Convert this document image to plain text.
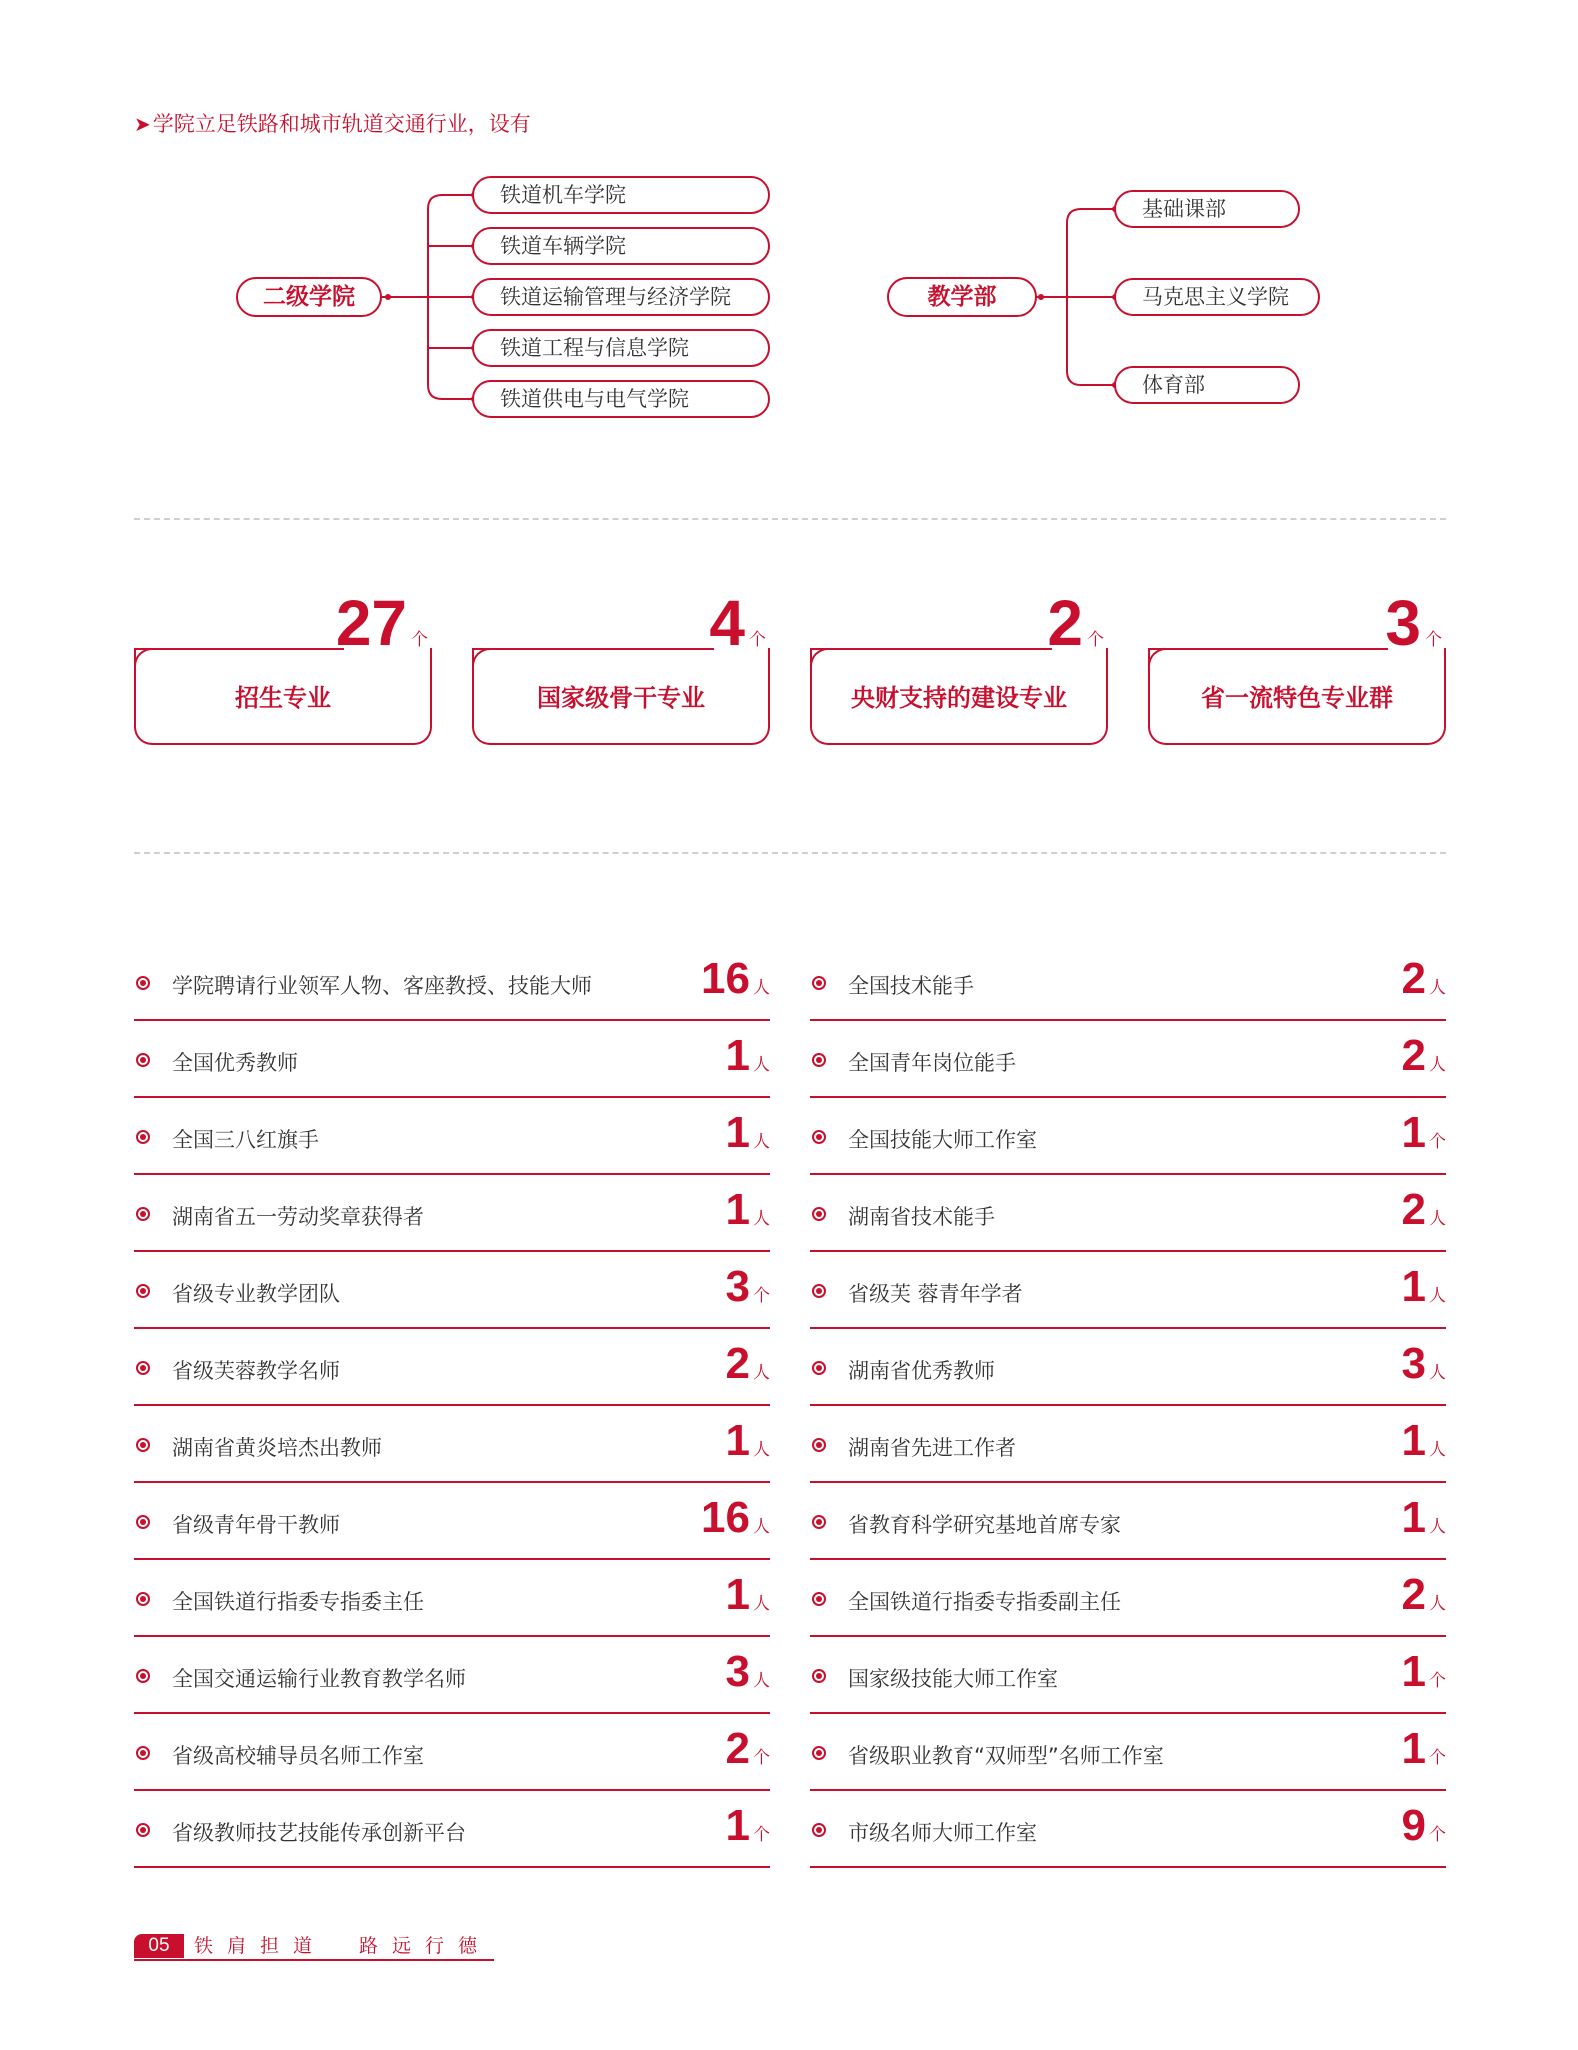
➤学院立足铁路和城市轨道交通行业，设有
二级学院
铁道机车学院
铁道车辆学院
铁道运输管理与经济学院
铁道工程与信息学院
铁道供电与电气学院
教学部
基础课部
马克思主义学院
体育部
27 个
招生专业
4 个
国家级骨干专业
2 个
央财支持的建设专业
3 个
省一流特色专业群
学院聘请行业领军人物、客座教授、技能大师 16 人
全国优秀教师	1 人
全国三八红旗手	1 人
湖南省五一劳动奖章获得者	1 人
省级专业教学团队	3 个
省级芙蓉教学名师	2 人
湖南省黄炎培杰出教师	1 人
省级青年骨干教师	16 人
全国铁道行指委专指委主任	1 人
全国交通运输行业教育教学名师	3 人
省级高校辅导员名师工作室	2 个
省级教师技艺技能传承创新平台	1 个
全国技术能手	2 人
全国青年岗位能手	2 人
全国技能大师工作室	1 个
湖南省技术能手	2 人
省级芙 蓉青年学者	1 人
湖南省优秀教师	3 人
湖南省先进工作者	1 人
省教育科学研究基地首席专家	1 人
全国铁道行指委专指委副主任	2 人
国家级技能大师工作室	1 个
省级职业教育“双师型”名师工作室	1 个
市级名师大师工作室	9 个
05	铁肩担道　路远行德
